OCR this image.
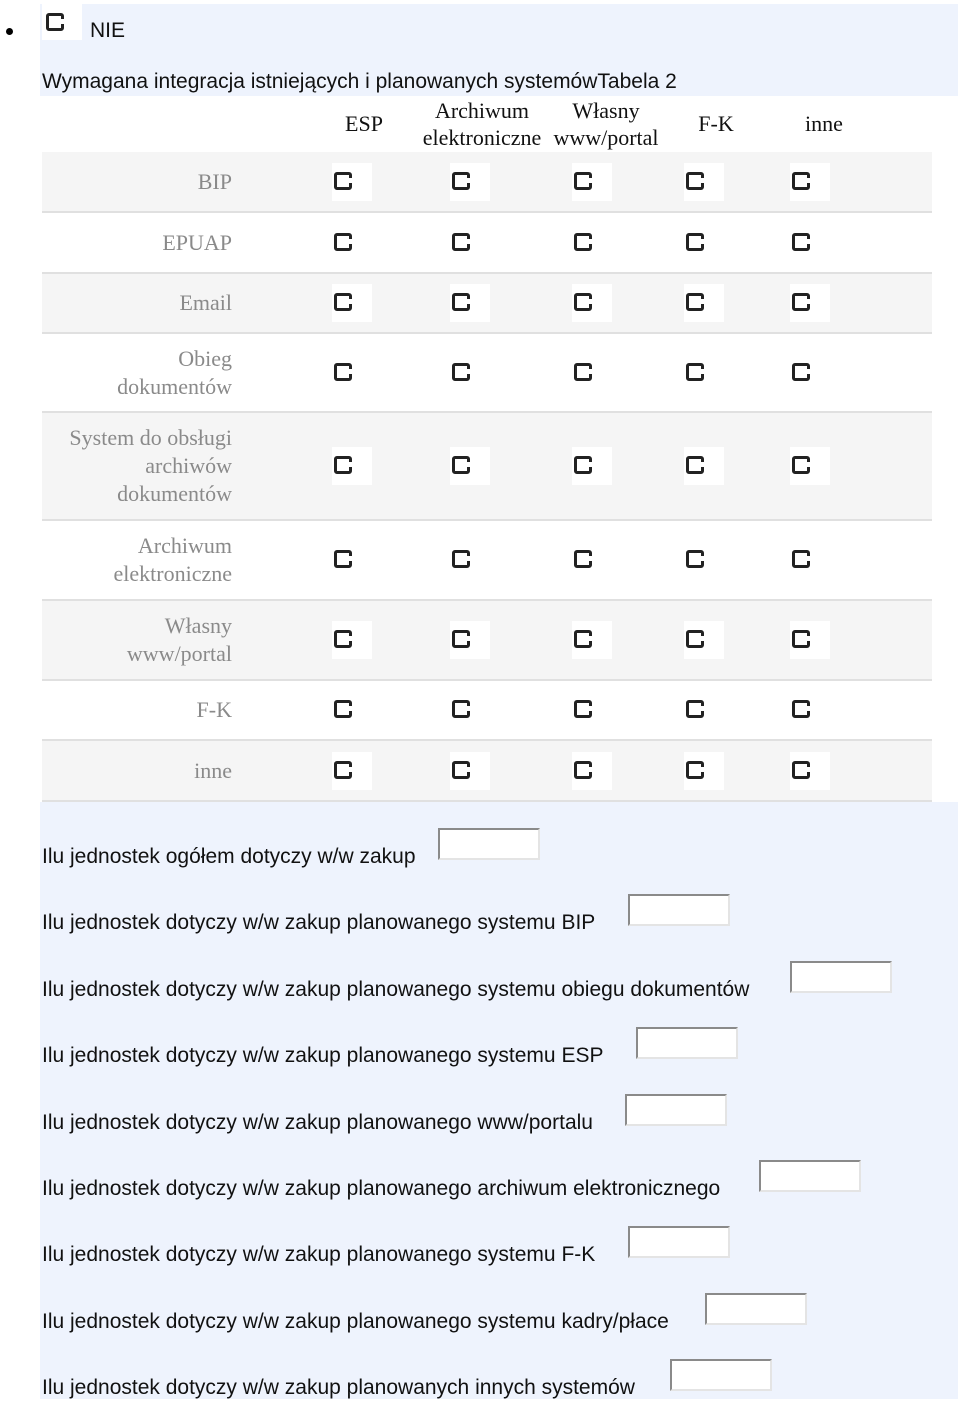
NIE
Wymagana integracja istniejących i planowanych systemówTabela 2
ESP
Archiwum
elektroniczne
Własny
www/portal
F-K	inne
BIP
EPUAP
Email
Obieg
dokumentów
System do obsługi
archiwów
dokumentów
Archiwum
elektroniczne
Własny
www/portal
F-K
inne
Ilu jednostek ogółem dotyczy w/w zakup
Ilu jednostek dotyczy w/w zakup planowanego systemu BIP
Ilu jednostek dotyczy w/w zakup planowanego systemu obiegu dokumentów
Ilu jednostek dotyczy w/w zakup planowanego systemu ESP
Ilu jednostek dotyczy w/w zakup planowanego www/portalu
Ilu jednostek dotyczy w/w zakup planowanego archiwum elektronicznego
Ilu jednostek dotyczy w/w zakup planowanego systemu F-K
Ilu jednostek dotyczy w/w zakup planowanego systemu kadry/płace
Ilu jednostek dotyczy w/w zakup planowanych innych systemów
